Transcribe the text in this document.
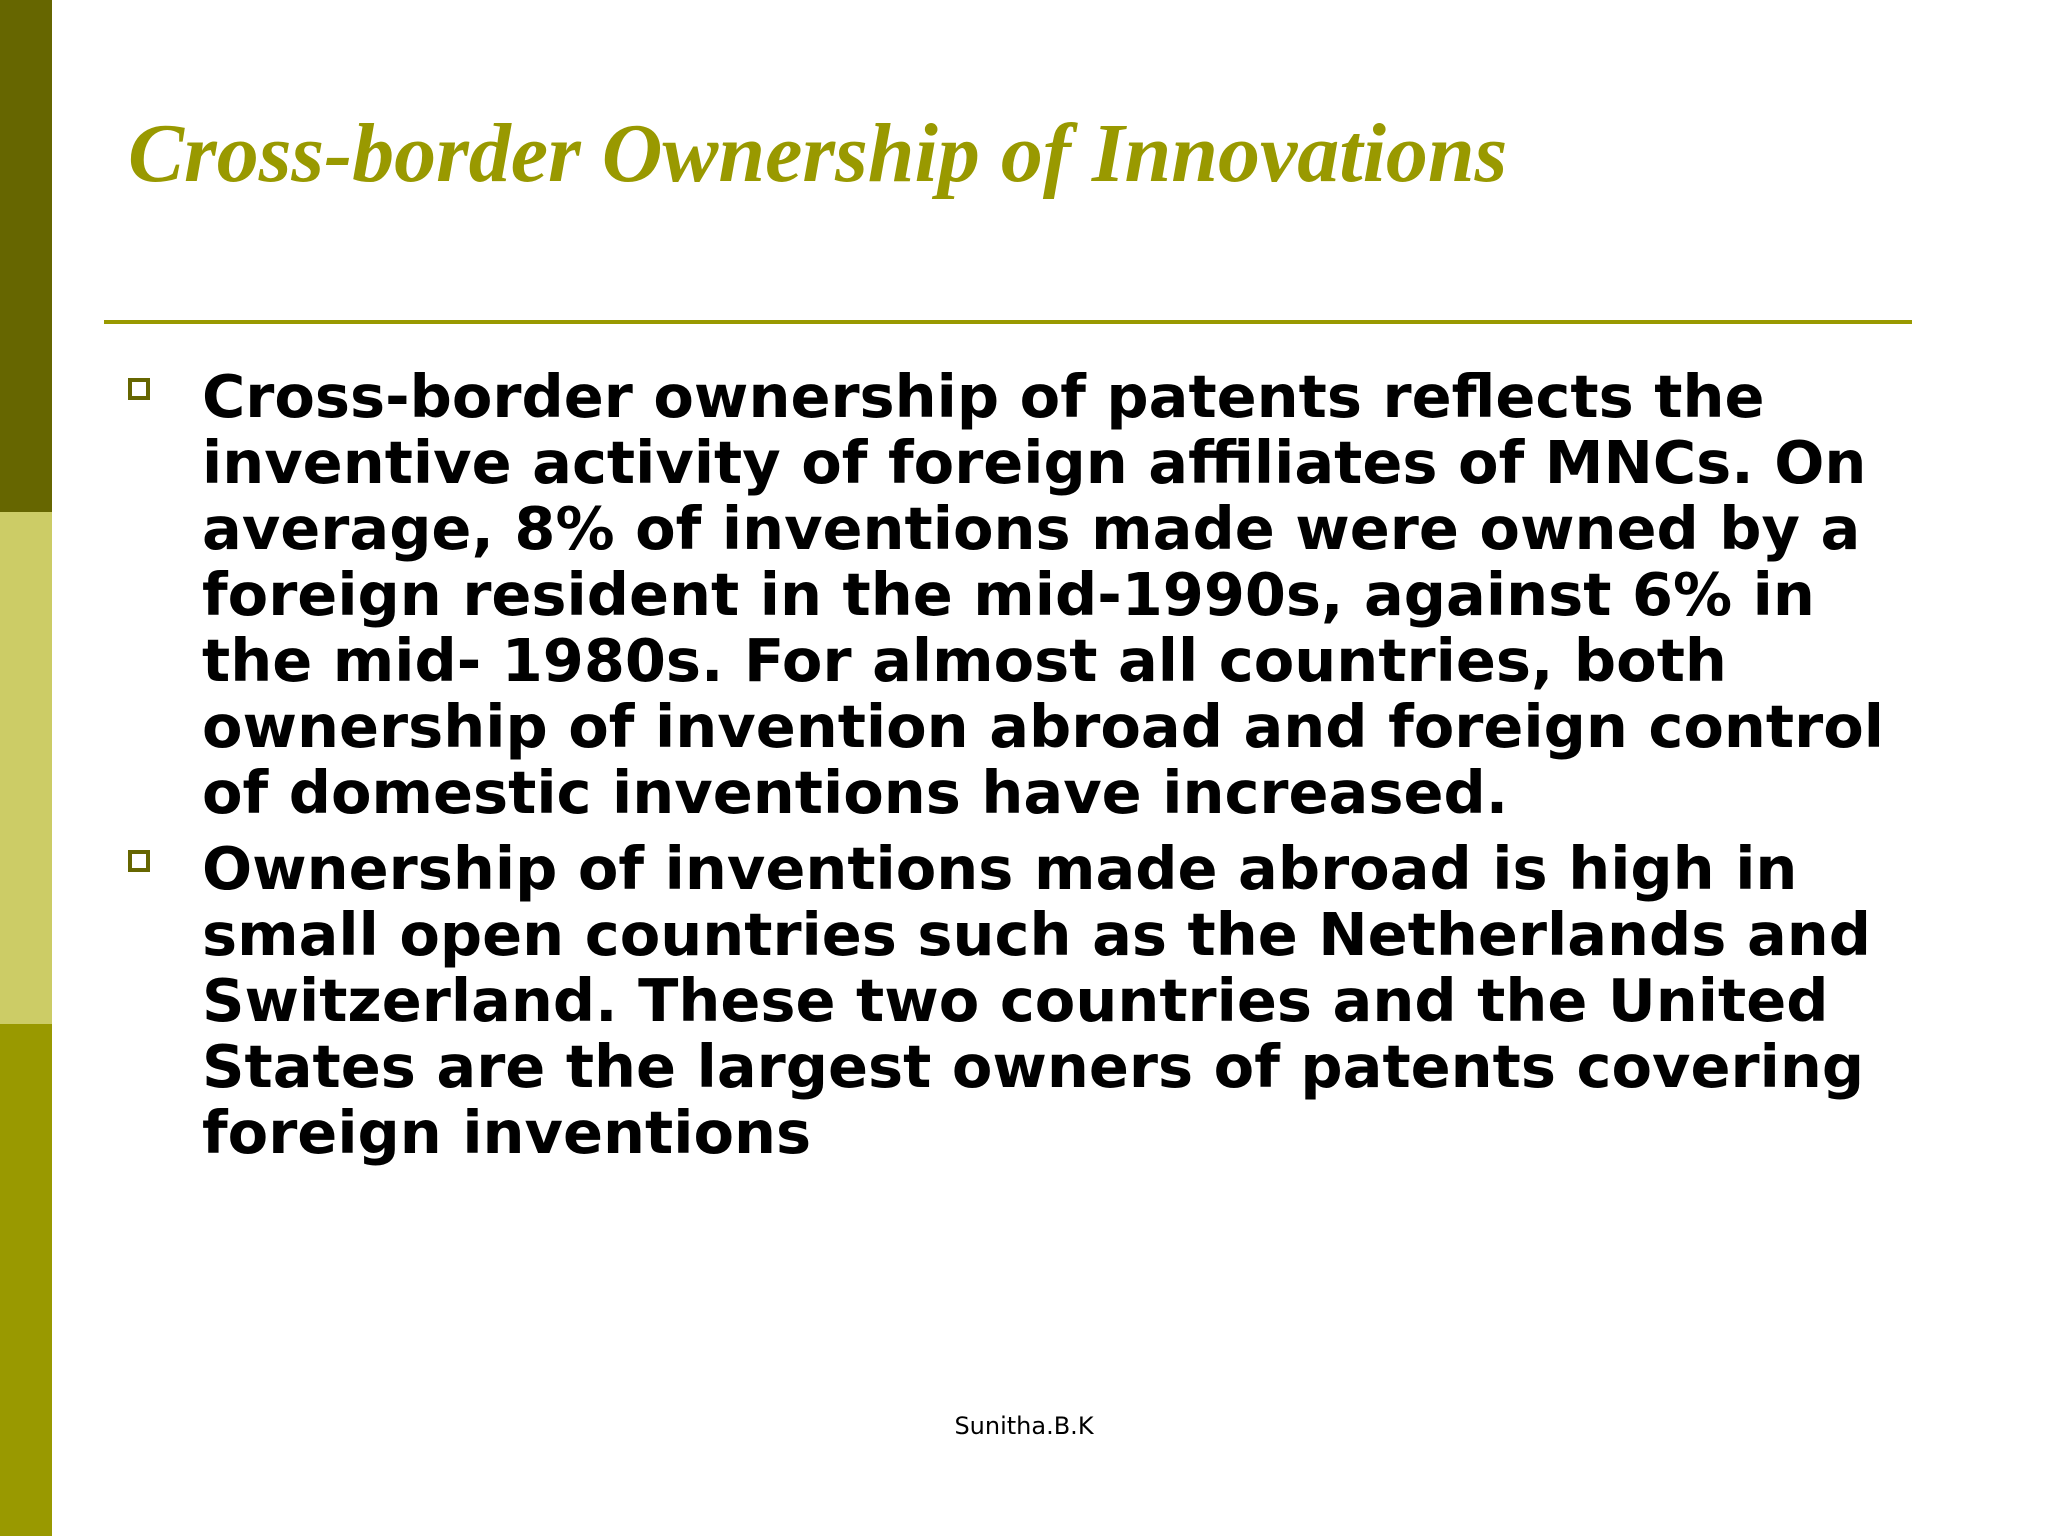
Cross-border Ownership of Innovations
Cross-border ownership of patents reflects the inventive activity of foreign affiliates of MNCs. On average, 8% of inventions made were owned by a foreign resident in the mid-1990s, against 6% in the mid- 1980s. For almost all countries, both ownership of invention abroad and foreign control of domestic inventions have increased.
Ownership of inventions made abroad is high in small open countries such as the Netherlands and Switzerland. These two countries and the United States are the largest owners of patents covering foreign inventions
Sunitha.B.K
